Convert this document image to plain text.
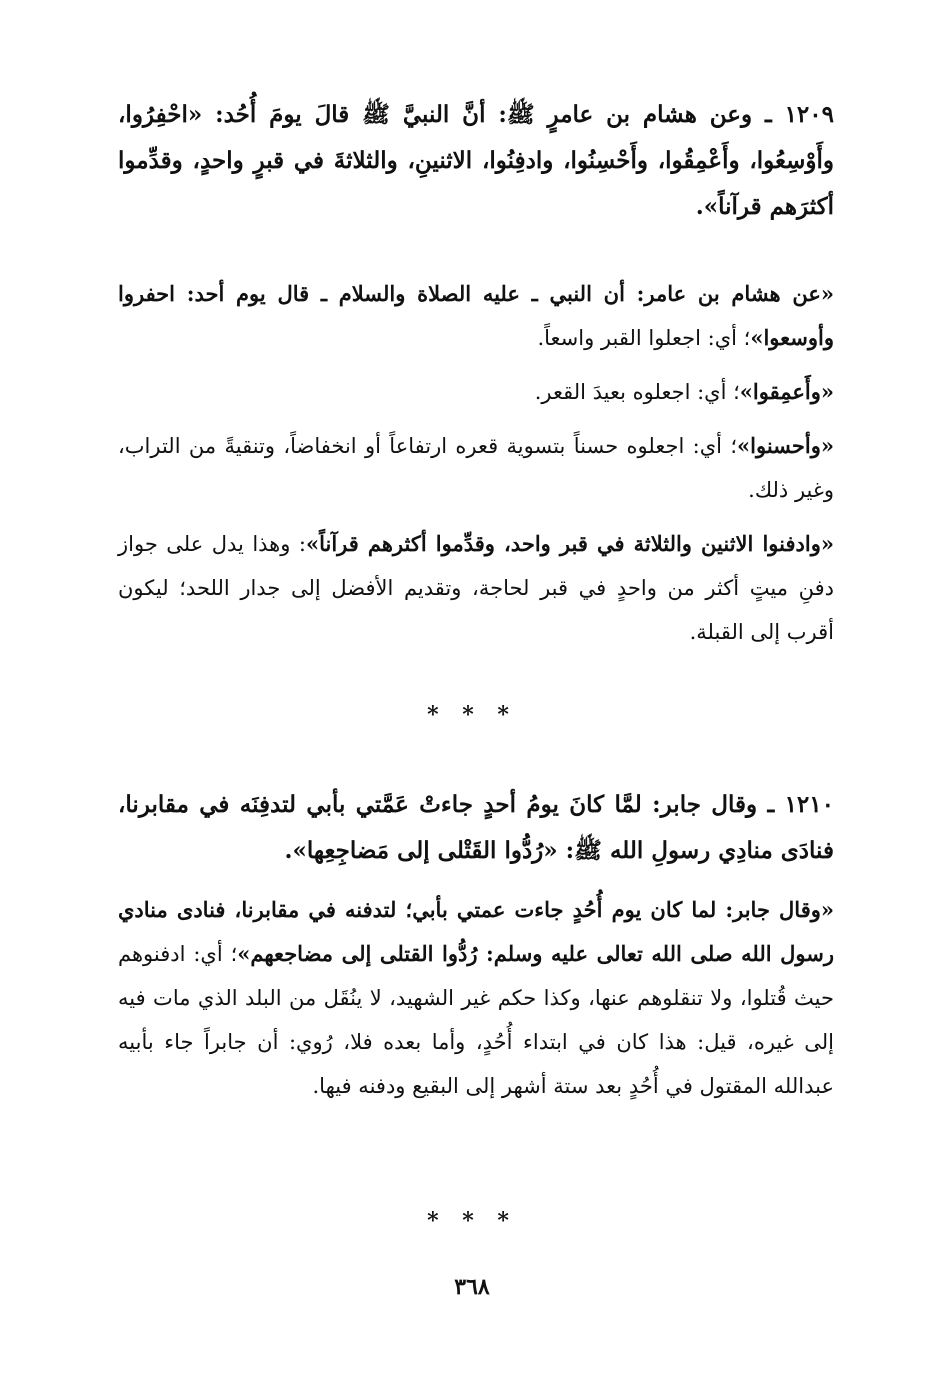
١٢٠٩ ـ وعن هشام بن عامرٍ ﷺ: أنَّ النبيَّ ﷺ قالَ يومَ أُحُد: «احْفِرُوا، وأَوْسِعُوا، وأَعْمِقُوا، وأَحْسِنُوا، وادفِنُوا، الاثنينِ، والثلاثةَ في قبرٍ واحدٍ، وقدِّموا أكثرَهم قرآناً».

«عن هشام بن عامر: أن النبي ـ عليه الصلاة والسلام ـ قال يوم أحد: احفروا وأوسعوا»؛ أي: اجعلوا القبر واسعاً.

«وأَعمِقوا»؛ أي: اجعلوه بعيدَ القعر.

«وأحسنوا»؛ أي: اجعلوه حسناً بتسوية قعره ارتفاعاً أو انخفاضاً، وتنقيةً من التراب، وغير ذلك.

«وادفنوا الاثنين والثلاثة في قبر واحد، وقدِّموا أكثرهم قرآناً»: وهذا يدل على جواز دفنِ ميتٍ أكثر من واحدٍ في قبر لحاجة، وتقديم الأفضل إلى جدار اللحد؛ ليكون أقرب إلى القبلة.

* * *
١٢١٠ ـ وقال جابر: لمَّا كانَ يومُ أحدٍ جاءتْ عَمَّتي بأبي لتدفِنَه في مقابرنا، فنادَى منادِي رسولِ الله ﷺ: «رُدُّوا القَتْلى إلى مَضاجِعِها».

«وقال جابر: لما كان يوم أُحُدٍ جاءت عمتي بأبي؛ لتدفنه في مقابرنا، فنادى منادي رسول الله صلى الله تعالى عليه وسلم: رُدُّوا القتلى إلى مضاجعهم»؛ أي: ادفنوهم حيث قُتلوا، ولا تنقلوهم عنها، وكذا حكم غير الشهيد، لا ينُقَل من البلد الذي مات فيه إلى غيره، قيل: هذا كان في ابتداء أُحُدٍ، وأما بعده فلا، رُوي: أن جابراً جاء بأبيه عبدالله المقتول في أُحُدٍ بعد ستة أشهر إلى البقيع ودفنه فيها.

* * *
٣٦٨
